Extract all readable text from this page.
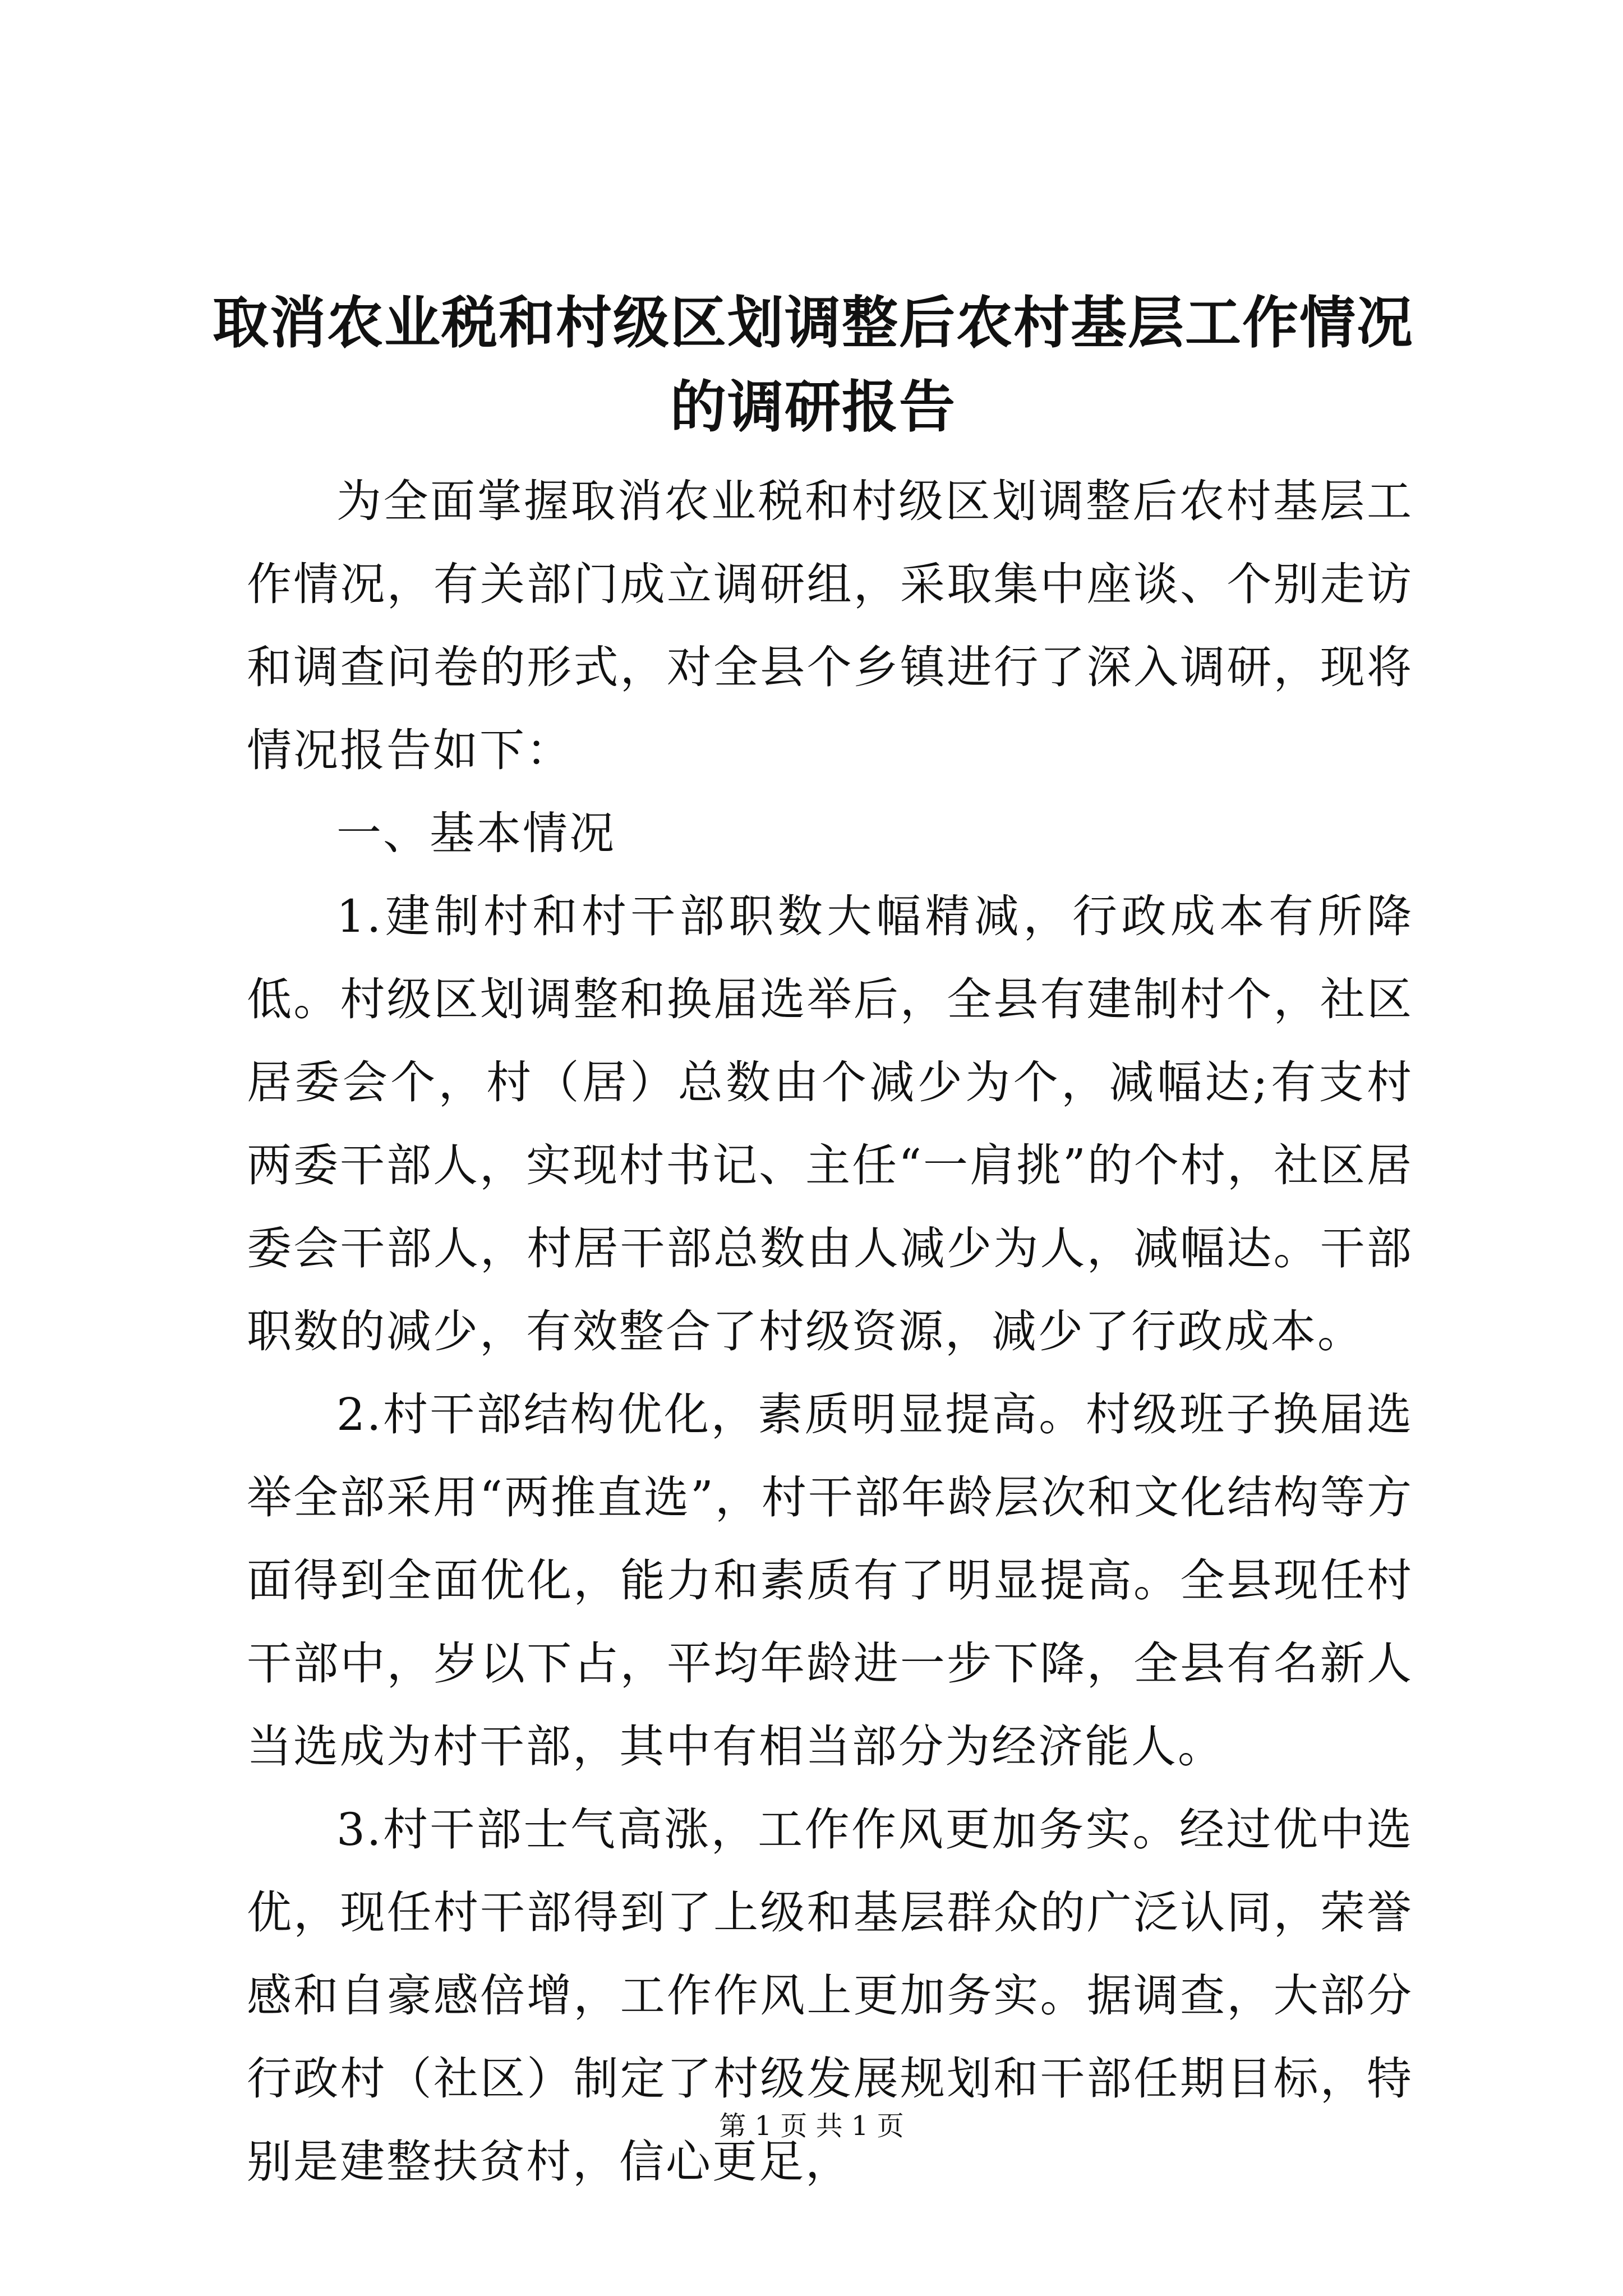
取消农业税和村级区划调整后农村基层工作情况的调研报告

为全面掌握取消农业税和村级区划调整后农村基层工作情况，有关部门成立调研组，采取集中座谈、个别走访和调查问卷的形式，对全县个乡镇进行了深入调研，现将情况报告如下：

一、基本情况

1.建制村和村干部职数大幅精减，行政成本有所降低。村级区划调整和换届选举后，全县有建制村个，社区居委会个，村（居）总数由个减少为个，减幅达;有支村两委干部人，实现村书记、主任“一肩挑”的个村，社区居委会干部人，村居干部总数由人减少为人，减幅达。干部职数的减少，有效整合了村级资源，减少了行政成本。

2.村干部结构优化，素质明显提高。村级班子换届选举全部采用“两推直选”，村干部年龄层次和文化结构等方面得到全面优化，能力和素质有了明显提高。全县现任村干部中，岁以下占，平均年龄进一步下降，全县有名新人当选成为村干部，其中有相当部分为经济能人。

3.村干部士气高涨，工作作风更加务实。经过优中选优，现任村干部得到了上级和基层群众的广泛认同，荣誉感和自豪感倍增，工作作风上更加务实。据调查，大部分行政村（社区）制定了村级发展规划和干部任期目标，特别是建整扶贫村，信心更足，

第 1 页 共 1 页
